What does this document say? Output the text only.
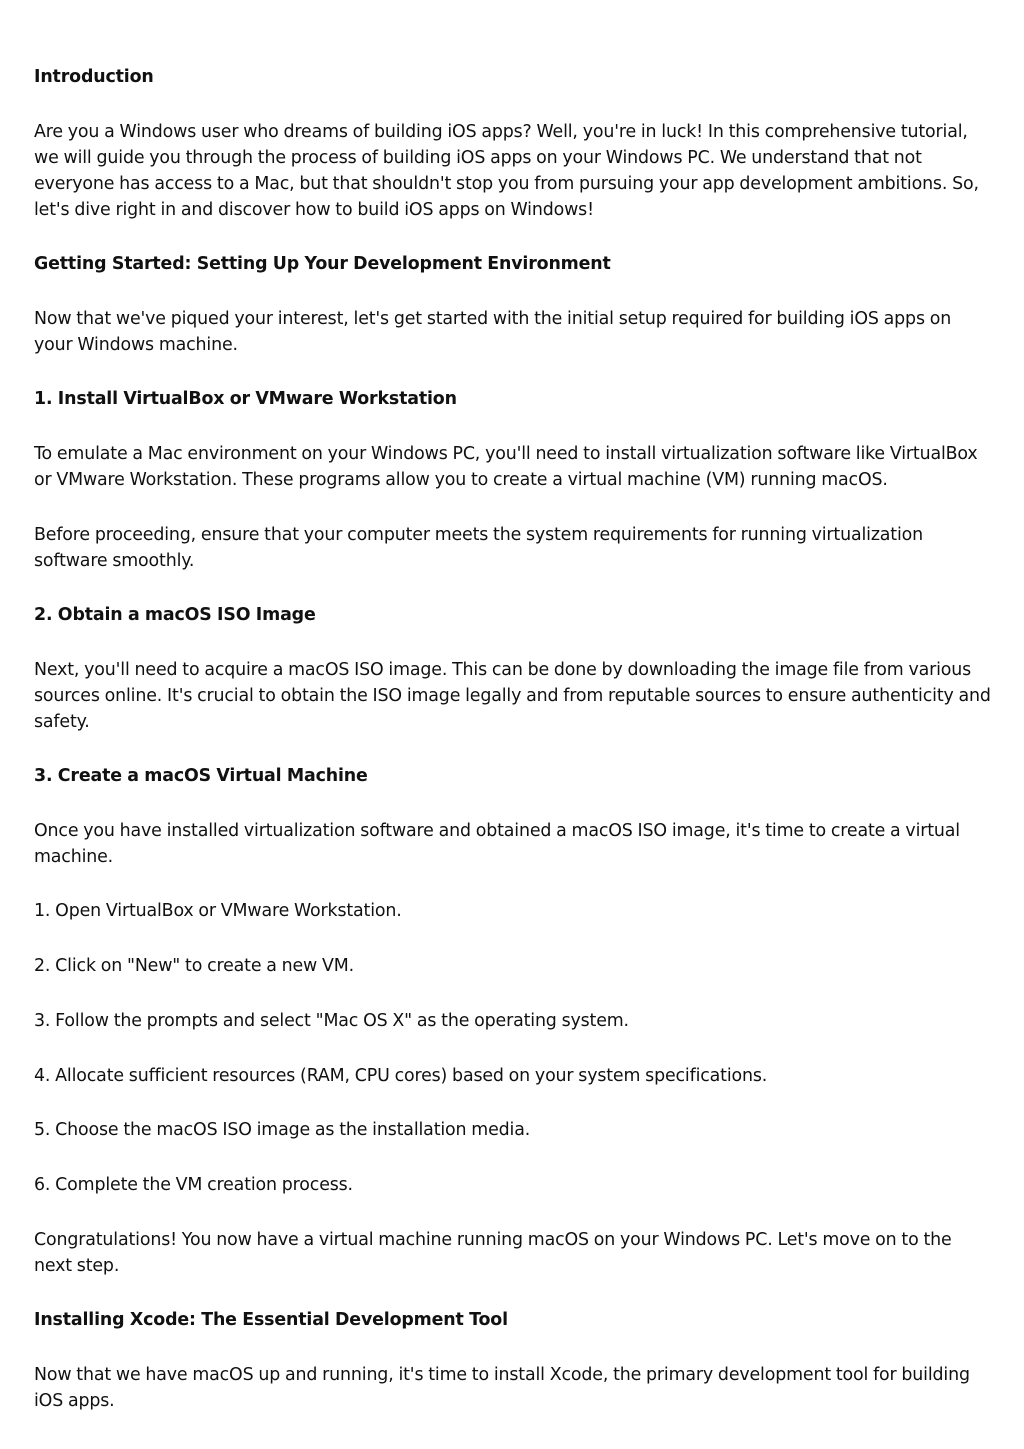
Introduction

Are you a Windows user who dreams of building iOS apps? Well, you're in luck! In this comprehensive tutorial, we will guide you through the process of building iOS apps on your Windows PC. We understand that not everyone has access to a Mac, but that shouldn't stop you from pursuing your app development ambitions. So, let's dive right in and discover how to build iOS apps on Windows!

Getting Started: Setting Up Your Development Environment

Now that we've piqued your interest, let's get started with the initial setup required for building iOS apps on your Windows machine.

1. Install VirtualBox or VMware Workstation

To emulate a Mac environment on your Windows PC, you'll need to install virtualization software like VirtualBox or VMware Workstation. These programs allow you to create a virtual machine (VM) running macOS.

Before proceeding, ensure that your computer meets the system requirements for running virtualization software smoothly.

2. Obtain a macOS ISO Image

Next, you'll need to acquire a macOS ISO image. This can be done by downloading the image file from various sources online. It's crucial to obtain the ISO image legally and from reputable sources to ensure authenticity and safety.

3. Create a macOS Virtual Machine

Once you have installed virtualization software and obtained a macOS ISO image, it's time to create a virtual machine.

1. Open VirtualBox or VMware Workstation.

2. Click on "New" to create a new VM.

3. Follow the prompts and select "Mac OS X" as the operating system.

4. Allocate sufficient resources (RAM, CPU cores) based on your system specifications.

5. Choose the macOS ISO image as the installation media.

6. Complete the VM creation process.

Congratulations! You now have a virtual machine running macOS on your Windows PC. Let's move on to the next step.

Installing Xcode: The Essential Development Tool

Now that we have macOS up and running, it's time to install Xcode, the primary development tool for building iOS apps.
